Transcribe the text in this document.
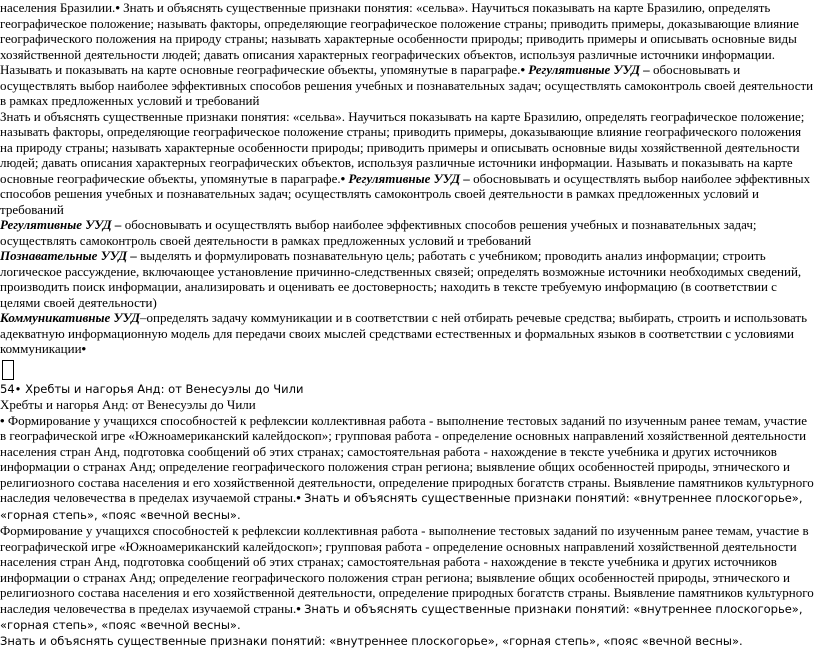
населения Бразилии.• Знать и объяснять существенные признаки понятия: «сельва». Научиться показывать на карте Бразилию, определять географическое положение; называть факторы, определяющие географическое положение страны; приводить примеры, доказывающие влияние географического положения на природу страны; называть характерные особенности природы; приводить примеры и описывать основные виды хозяйственной деятельности людей; давать описания характерных географических объектов, используя различные источники информации. Называть и показывать на карте основные географические объекты, упомянутые в параграфе.• Регулятивные УУД – обосновывать и осуществлять выбор наиболее эффективных способов решения учебных и познавательных задач; осуществлять самоконтроль своей деятельности в рамках предложенных условий и требований

Знать и объяснять существенные признаки понятия: «сельва». Научиться показывать на карте Бразилию, определять географическое положение; называть факторы, определяющие географическое положение страны; приводить примеры, доказывающие влияние географического положения на природу страны; называть характерные особенности природы; приводить примеры и описывать основные виды хозяйственной деятельности людей; давать описания характерных географических объектов, используя различные источники информации. Называть и показывать на карте основные географические объекты, упомянутые в параграфе.• Регулятивные УУД – обосновывать и осуществлять выбор наиболее эффективных способов решения учебных и познавательных задач; осуществлять самоконтроль своей деятельности в рамках предложенных условий и требований

Регулятивные УУД – обосновывать и осуществлять выбор наиболее эффективных способов решения учебных и познавательных задач; осуществлять самоконтроль своей деятельности в рамках предложенных условий и требований

Познавательные УУД – выделять и формулировать познавательную цель; работать с учебником; проводить анализ информации; строить логическое рассуждение, включающее установление причинно-следственных связей; определять возможные источники необходимых сведений, производить поиск информации, анализировать и оценивать ее достоверность; находить в тексте требуемую информацию (в соответствии с целями своей деятельности)

Коммуникативные УУД–определять задачу коммуникации и в соответствии с ней отбирать речевые средства; выбирать, строить и использовать адекватную информационную модель для передачи своих мыслей средствами естественных и формальных языков в соответствии с условиями коммуникации•

54• Хребты и нагорья Анд: от Венесуэлы до Чили

Хребты и нагорья Анд: от Венесуэлы до Чили

• Формирование у учащихся способностей к рефлексии коллективная работа - выполнение тестовых заданий по изученным ранее темам, участие в географической игре «Южноамериканский калейдоскоп»; групповая работа - определение основных направлений хозяйственной деятельности населения стран Анд, подготовка сообщений об этих странах; самостоятельная работа - нахождение в тексте учебника и других источников информации о странах Анд; определение географического положения стран региона; выявление общих особенностей природы, этнического и религиозного состава населения и его хозяйственной деятельности, определение природных богатств страны. Выявление памятников культурного наследия человечества в пределах изучаемой страны.• Знать и объяснять существенные признаки понятий: «внутреннее плоскогорье», «горная степь», «пояс «вечной весны».

Формирование у учащихся способностей к рефлексии коллективная работа - выполнение тестовых заданий по изученным ранее темам, участие в географической игре «Южноамериканский калейдоскоп»; групповая работа - определение основных направлений хозяйственной деятельности населения стран Анд, подготовка сообщений об этих странах; самостоятельная работа - нахождение в тексте учебника и других источников информации о странах Анд; определение географического положения стран региона; выявление общих особенностей природы, этнического и религиозного состава населения и его хозяйственной деятельности, определение природных богатств страны. Выявление памятников культурного наследия человечества в пределах изучаемой страны.• Знать и объяснять существенные признаки понятий: «внутреннее плоскогорье», «горная степь», «пояс «вечной весны».

Знать и объяснять существенные признаки понятий: «внутреннее плоскогорье», «горная степь», «пояс «вечной весны».
